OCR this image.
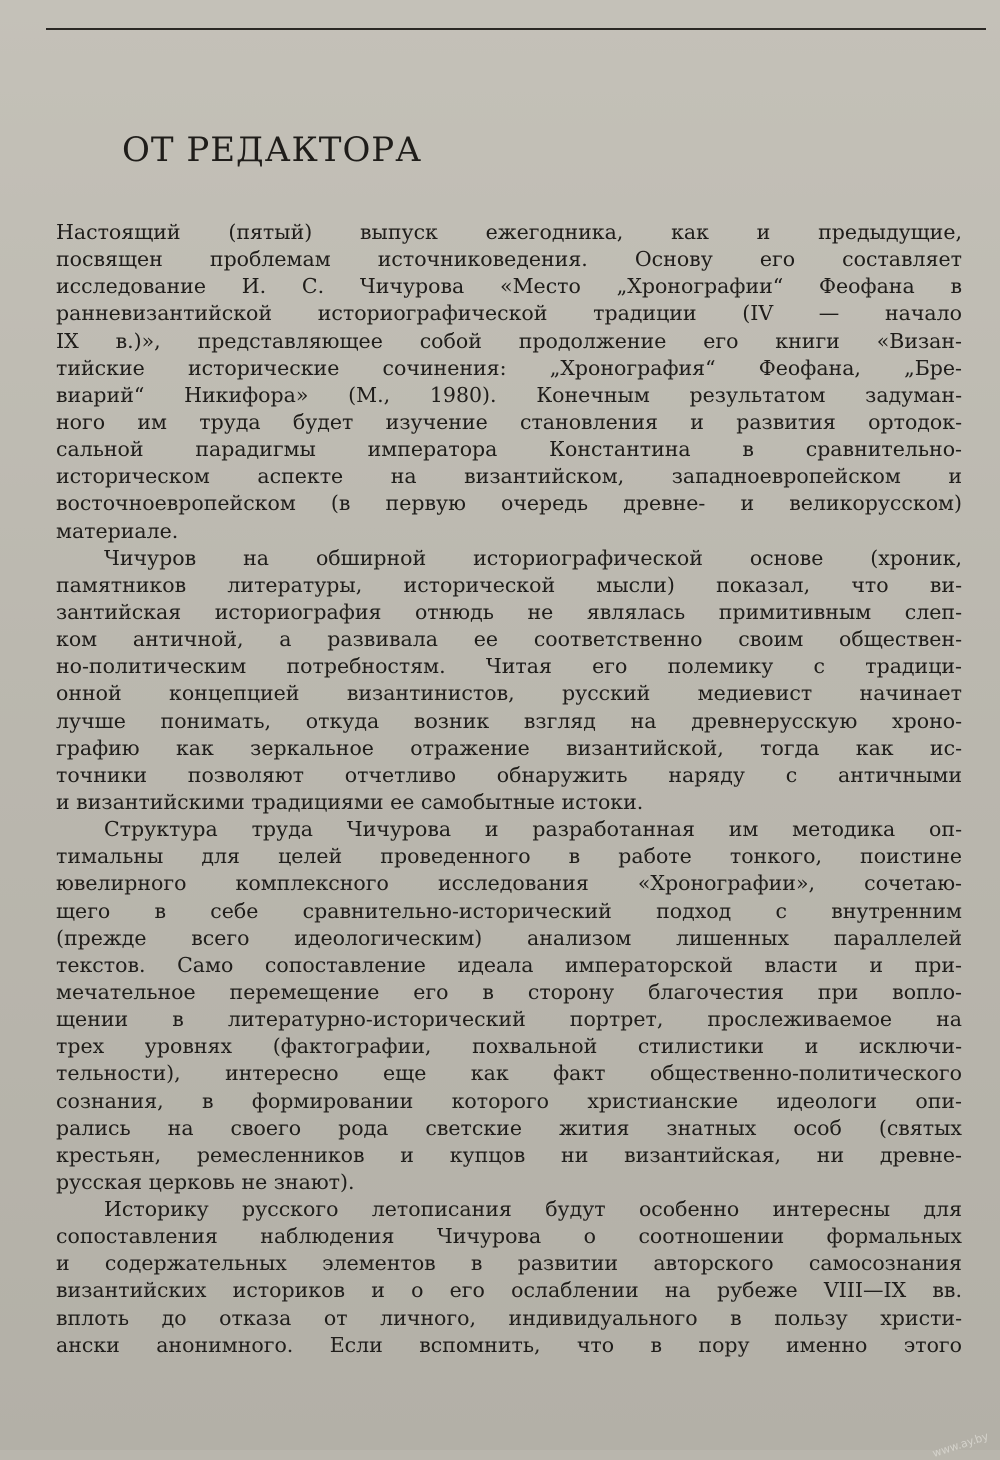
ОТ РЕДАКТОРА
Настоящий (пятый) выпуск ежегодника, как и предыдущие,
посвящен проблемам источниковедения. Основу его составляет
исследование И. С. Чичурова «Место „Хронографии“ Феофана в
ранневизантийской историографической традиции (IV — начало
IX в.)», представляющее собой продолжение его книги «Визан-
тийские исторические сочинения: „Хронография“ Феофана, „Бре-
виарий“ Никифора» (М., 1980). Конечным результатом задуман-
ного им труда будет изучение становления и развития ортодок-
сальной парадигмы императора Константина в сравнительно-
историческом аспекте на византийском, западноевропейском и
восточноевропейском (в первую очередь древне- и великорусском)
материале.
Чичуров на обширной историографической основе (хроник,
памятников литературы, исторической мысли) показал, что ви-
зантийская историография отнюдь не являлась примитивным слеп-
ком античной, а развивала ее соответственно своим обществен-
но-политическим потребностям. Читая его полемику с традици-
онной концепцией византинистов, русский медиевист начинает
лучше понимать, откуда возник взгляд на древнерусскую хроно-
графию как зеркальное отражение византийской, тогда как ис-
точники позволяют отчетливо обнаружить наряду с античными
и византийскими традициями ее самобытные истоки.
Структура труда Чичурова и разработанная им методика оп-
тимальны для целей проведенного в работе тонкого, поистине
ювелирного комплексного исследования «Хронографии», сочетаю-
щего в себе сравнительно-исторический подход с внутренним
(прежде всего идеологическим) анализом лишенных параллелей
текстов. Само сопоставление идеала императорской власти и при-
мечательное перемещение его в сторону благочестия при вопло-
щении в литературно-исторический портрет, прослеживаемое на
трех уровнях (фактографии, похвальной стилистики и исключи-
тельности), интересно еще как факт общественно-политического
сознания, в формировании которого христианские идеологи опи-
рались на своего рода светские жития знатных особ (святых
крестьян, ремесленников и купцов ни византийская, ни древне-
русская церковь не знают).
Историку русского летописания будут особенно интересны для
сопоставления наблюдения Чичурова о соотношении формальных
и содержательных элементов в развитии авторского самосознания
византийских историков и о его ослаблении на рубеже VIII—IX вв.
вплоть до отказа от личного, индивидуального в пользу христи-
ански анонимного. Если вспомнить, что в пору именно этого
www.ay.by
